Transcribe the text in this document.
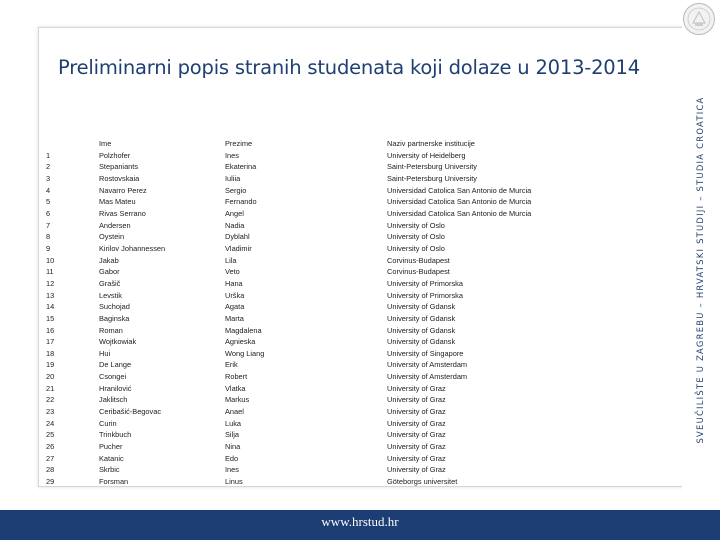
Preliminarni popis stranih studenata koji dolaze u 2013-2014
	Ime	Prezime	Naziv partnerske institucije
1	Polzhofer	Ines	University of Heidelberg
2	Stepaniants	Ekaterina	Saint-Petersburg University
3	Rostovskaia	Iuliia	Saint-Petersburg University
4	Navarro Perez	Sergio	Universidad Catolica San Antonio de Murcia
5	Mas Mateu	Fernando	Universidad Catolica San Antonio de Murcia
6	Rivas Serrano	Angel	Universidad Catolica San Antonio de Murcia
7	Andersen	Nadia	University of Oslo
8	Oystein	Dyblahl	University of Oslo
9	Kirilov Johannessen	Vladimir	University of Oslo
10	Jakab	Lila	Corvinus-Budapest
11	Gabor	Veto	Corvinus-Budapest
12	Grašič	Hana	University of Primorska
13	Levstik	Urška	University of Primorska
14	Suchojad	Agata	University of Gdansk
15	Baginska	Marta	University of Gdansk
16	Roman	Magdalena	University of Gdansk
17	Wojtkowiak	Agnieska	University of Gdansk
18	Hui	Wong Liang	University of Singapore
19	De Lange	Erik	University of Amsterdam
20	Csongei	Robert	University of Amsterdam
21	Hranilović	Vlatka	University of Graz
22	Jaklitsch	Markus	University of Graz
23	Ceribašić-Begovac	Anael	University of Graz
24	Curin	Luka	University of Graz
25	Trinkbuch	Silja	University of Graz
26	Pucher	Nina	University of Graz
27	Katanic	Edo	University of Graz
28	Skrbic	Ines	University of Graz
29	Forsman	Linus	Göteborgs universitet
SVEUČILIŠTE U ZAGREBU – HRVATSKI STUDIJI – STUDIA CROATICA
www.hrstud.hr
